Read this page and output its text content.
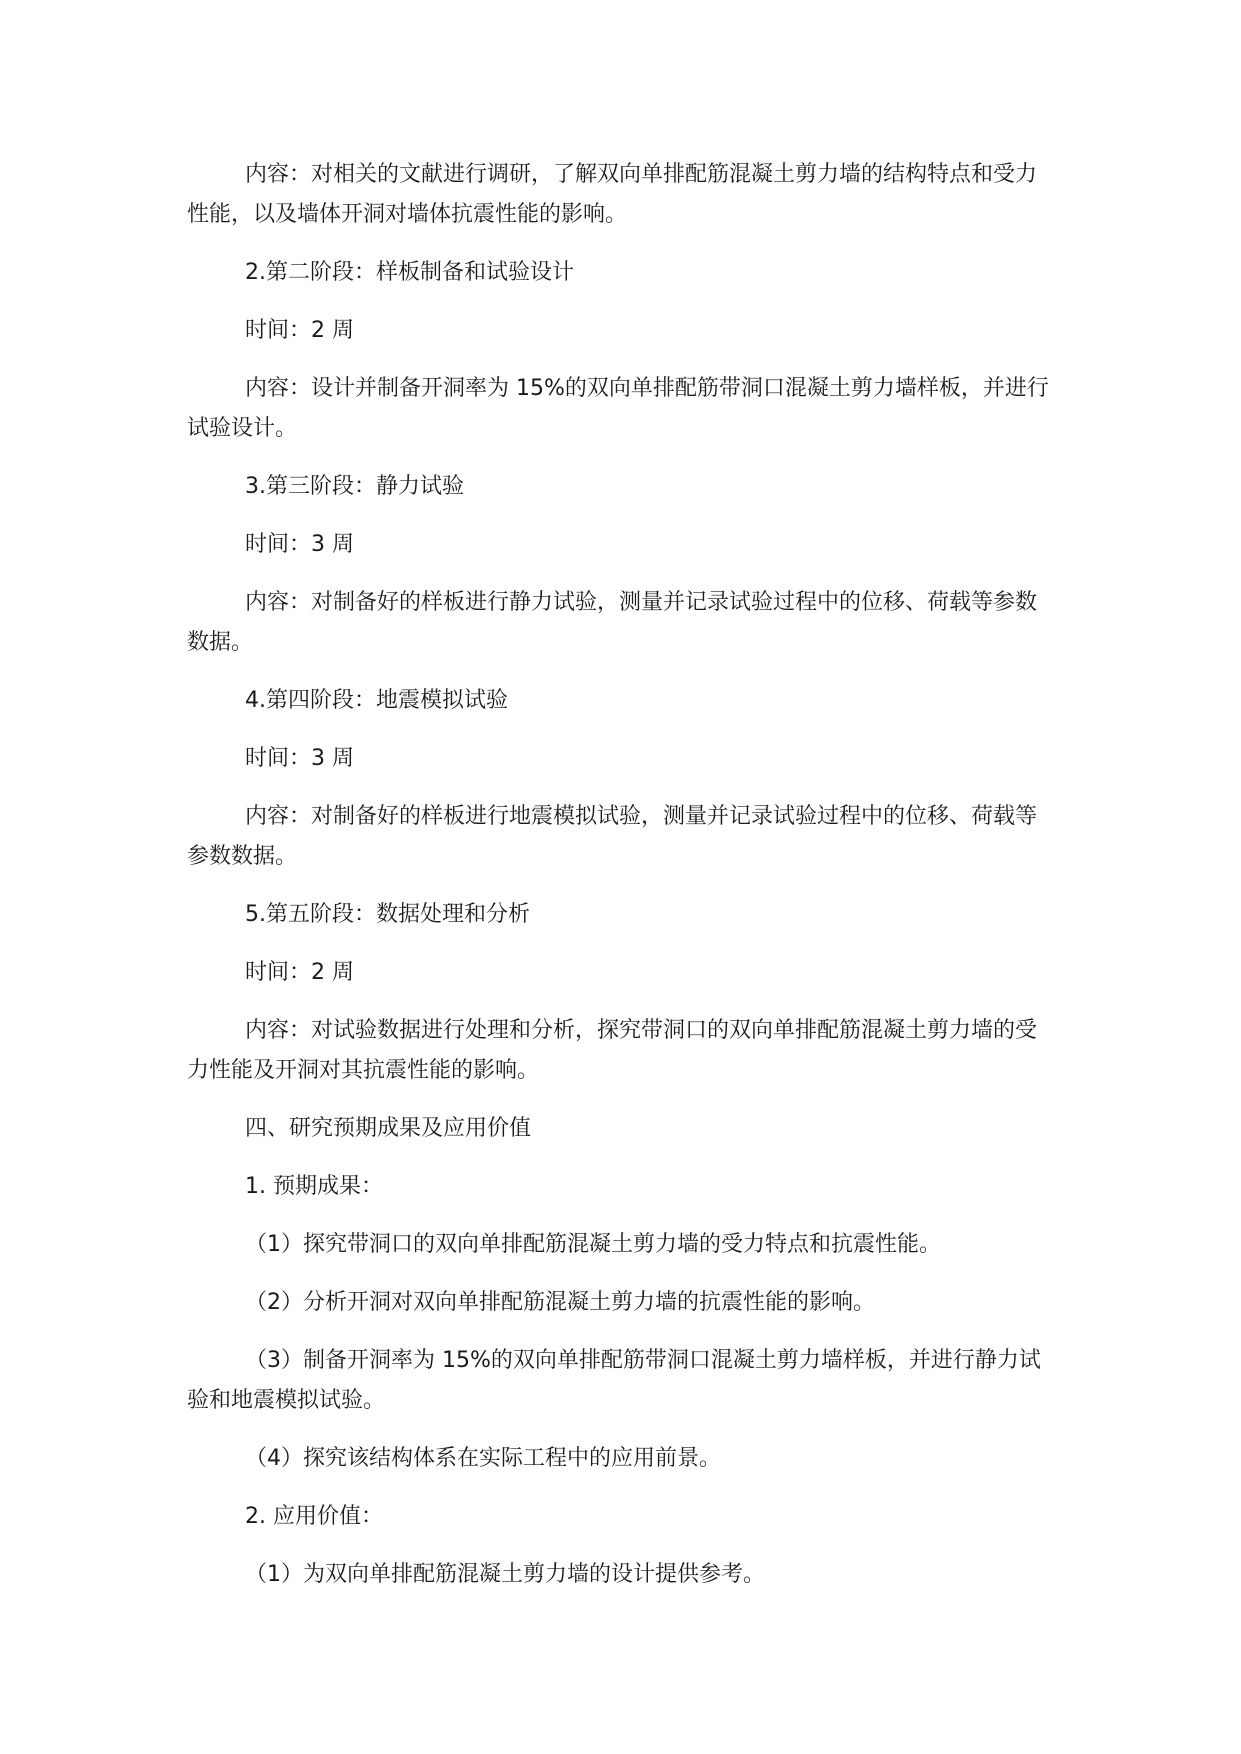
内容：对相关的文献进行调研，了解双向单排配筋混凝土剪力墙的结构特点和受力性能，以及墙体开洞对墙体抗震性能的影响。

2.第二阶段：样板制备和试验设计

时间：2 周

内容：设计并制备开洞率为 15%的双向单排配筋带洞口混凝土剪力墙样板，并进行试验设计。

3.第三阶段：静力试验

时间：3 周

内容：对制备好的样板进行静力试验，测量并记录试验过程中的位移、荷载等参数数据。

4.第四阶段：地震模拟试验

时间：3 周

内容：对制备好的样板进行地震模拟试验，测量并记录试验过程中的位移、荷载等参数数据。

5.第五阶段：数据处理和分析

时间：2 周

内容：对试验数据进行处理和分析，探究带洞口的双向单排配筋混凝土剪力墙的受力性能及开洞对其抗震性能的影响。

四、研究预期成果及应用价值

1. 预期成果：

（1）探究带洞口的双向单排配筋混凝土剪力墙的受力特点和抗震性能。

（2）分析开洞对双向单排配筋混凝土剪力墙的抗震性能的影响。

（3）制备开洞率为 15%的双向单排配筋带洞口混凝土剪力墙样板，并进行静力试验和地震模拟试验。

（4）探究该结构体系在实际工程中的应用前景。

2. 应用价值：

（1）为双向单排配筋混凝土剪力墙的设计提供参考。
